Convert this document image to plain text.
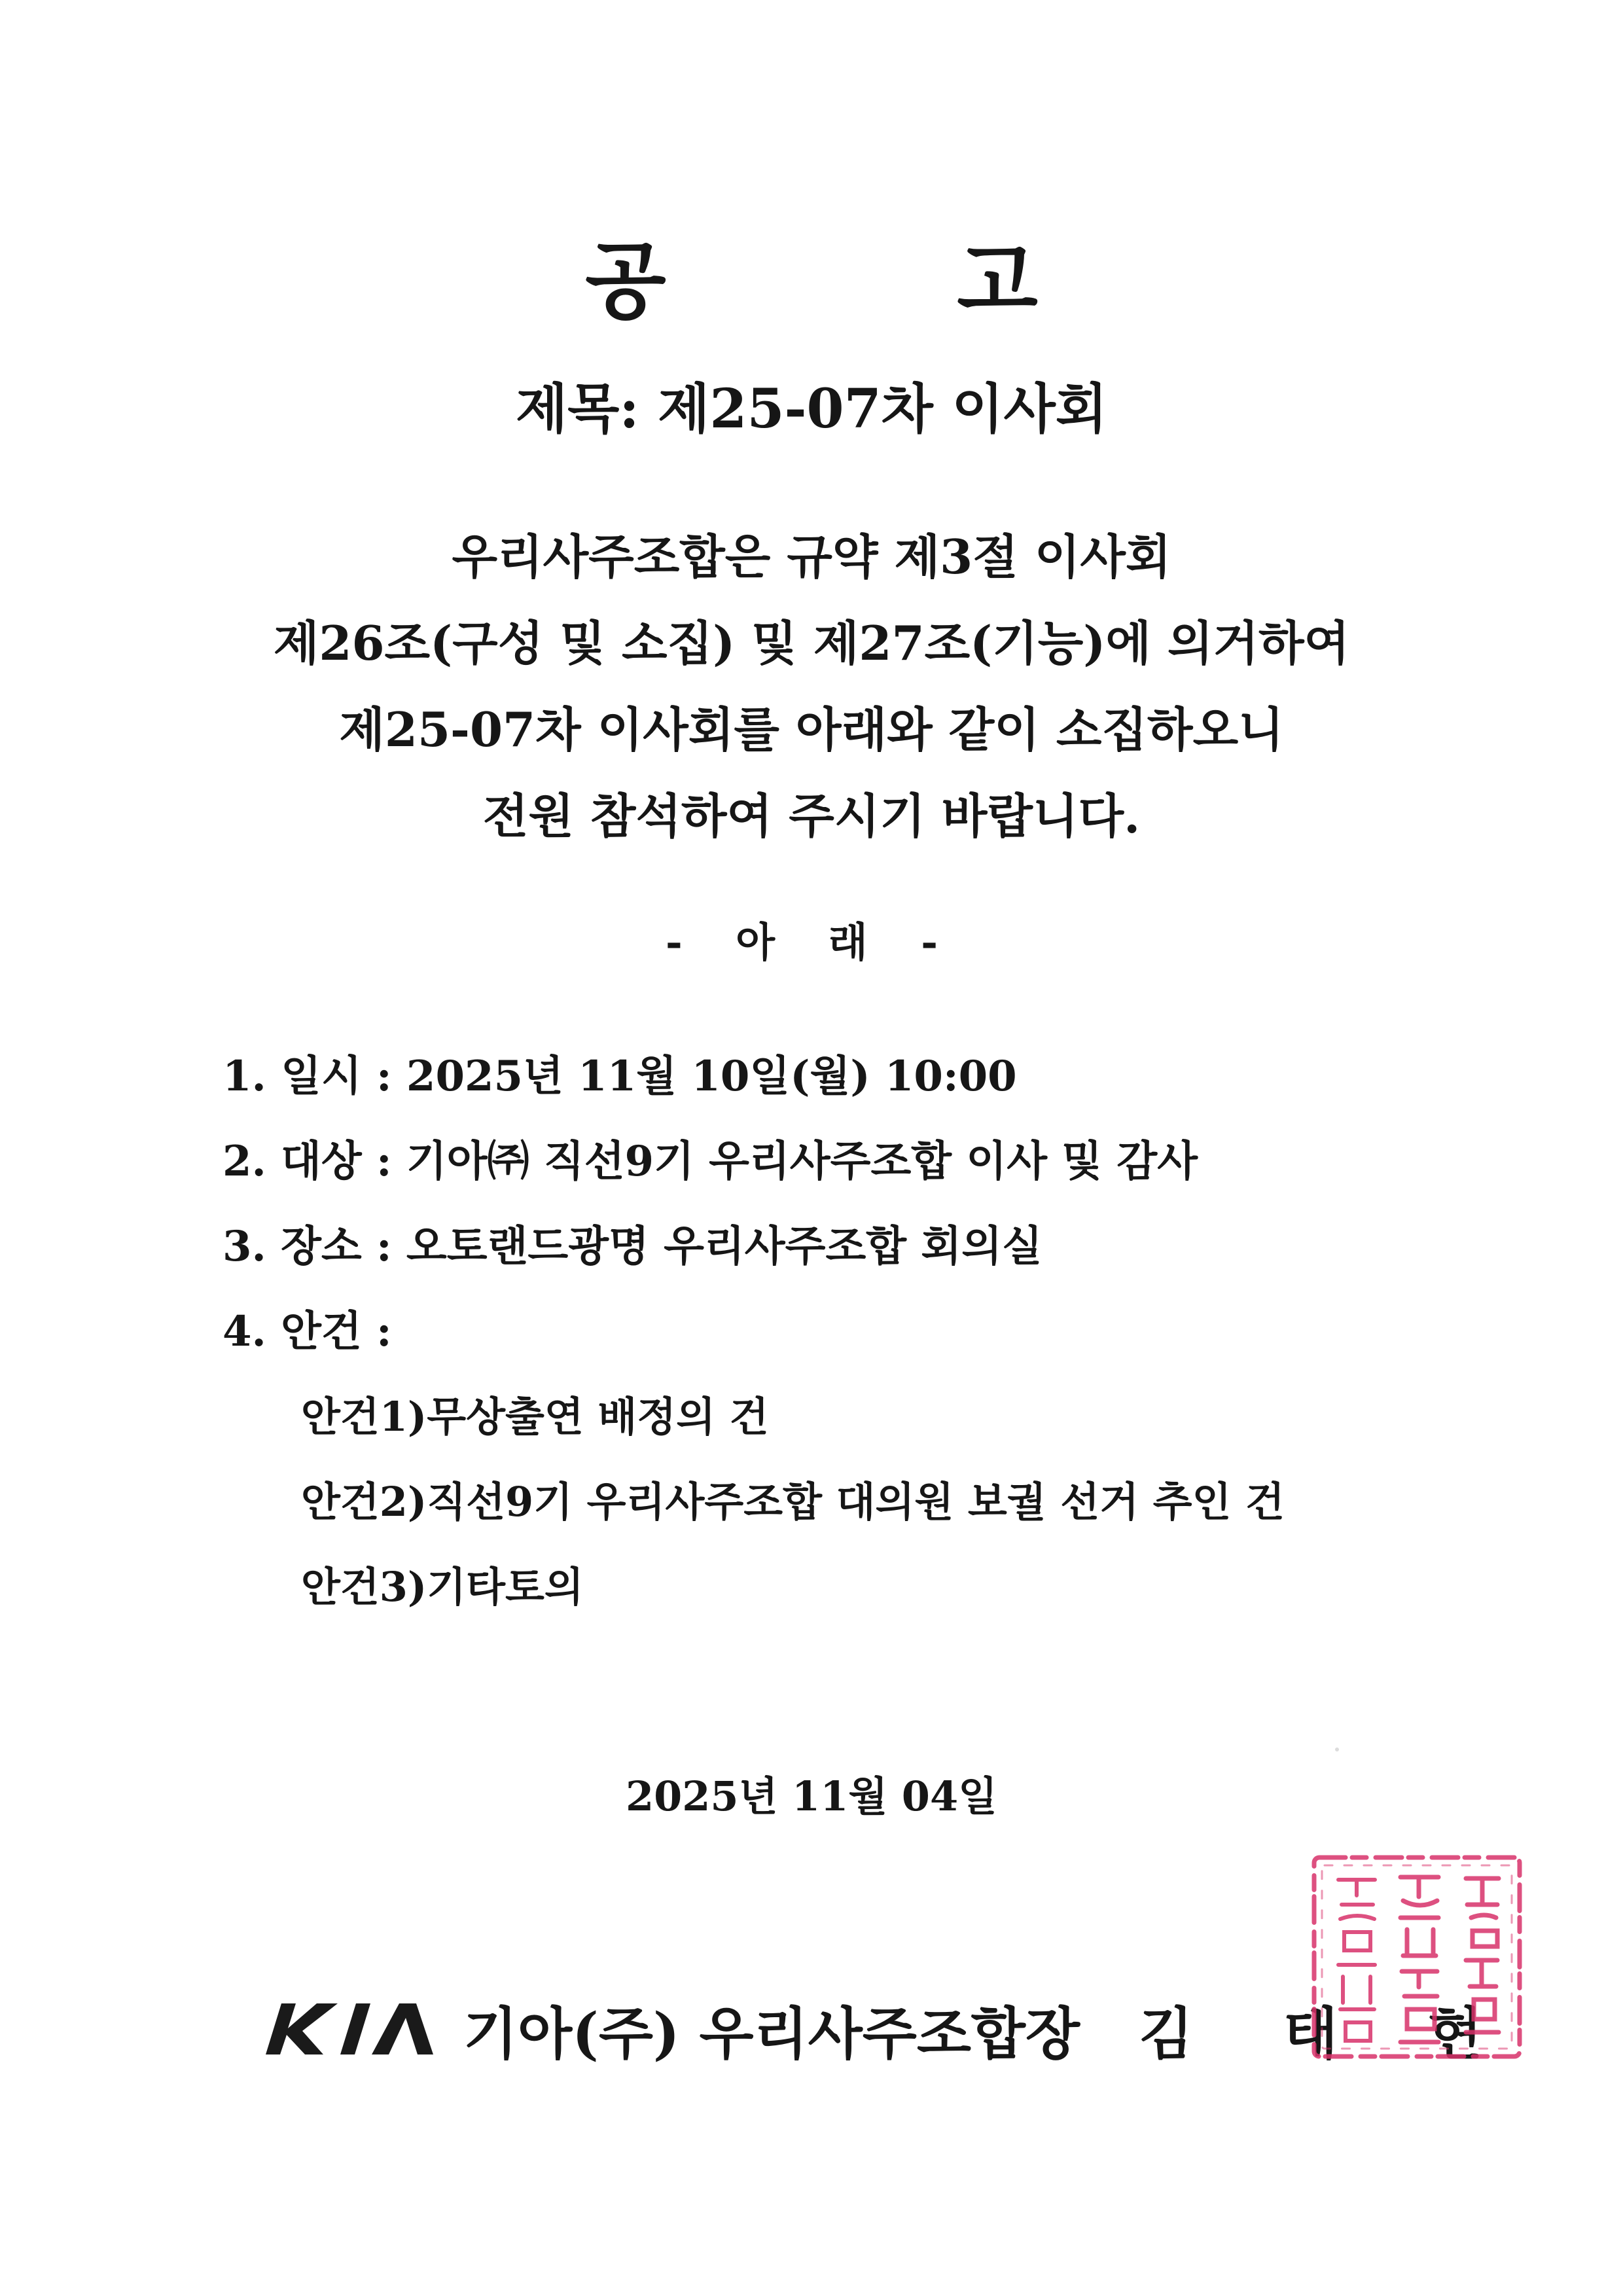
공 고
제목: 제25-07차 이사회
우리사주조합은 규약 제3절 이사회
제26조(구성 및 소집) 및 제27조(기능)에 의거하여
제25-07차 이사회를 아래와 같이 소집하오니
전원 참석하여 주시기 바랍니다.
- 아 래 -
1. 일시 : 2025년 11월 10일(월) 10:00
2. 대상 : 기아㈜ 직선9기 우리사주조합 이사 및 감사
3. 장소 : 오토랜드광명 우리사주조합 회의실
4. 안건 :
안건1)무상출연 배정의 건
안건2)직선9기 우리사주조합 대의원 보궐 선거 추인 건
안건3)기타토의
2025년 11월 04일
기아(주) 우리사주조합장 김 태 현
